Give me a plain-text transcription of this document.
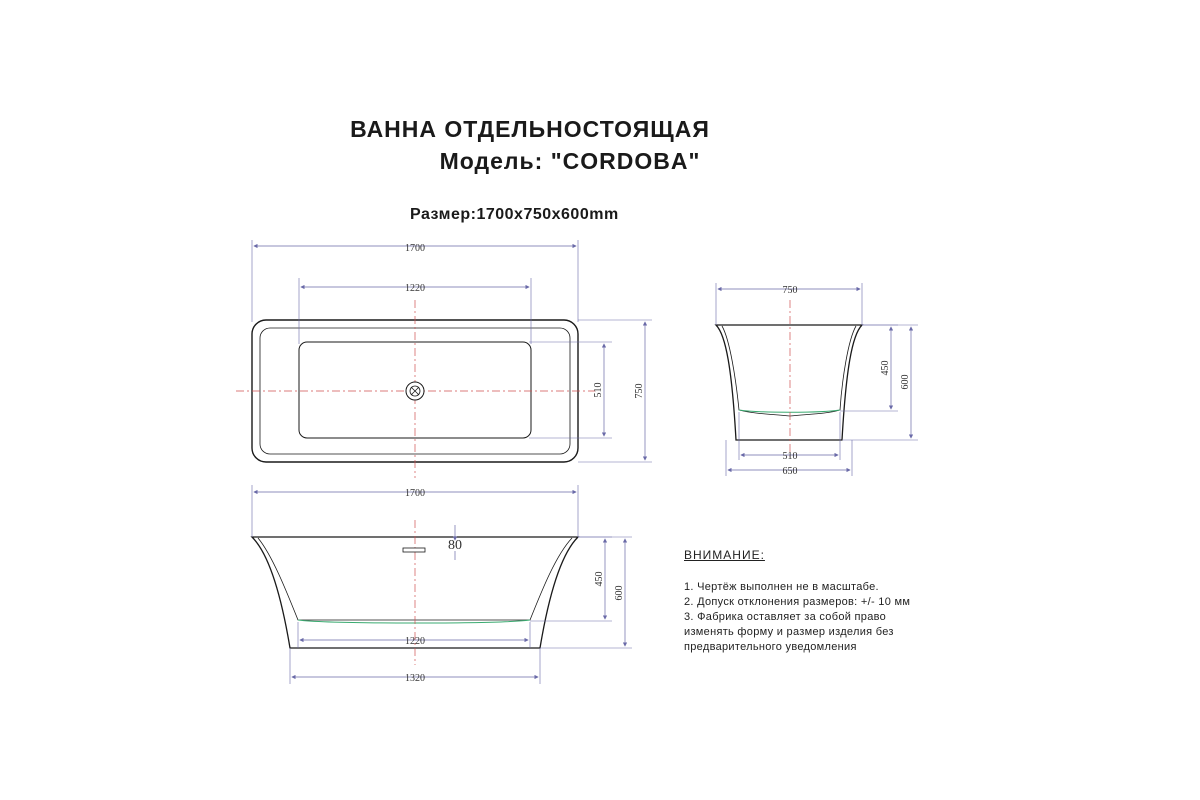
ВАННА ОТДЕЛЬНОСТОЯЩАЯ
Модель: "CORDOBA"
Размер:1700x750x600mm
1700
1220
510	750
750
450
600
510
650
80
1700
450
600
1220
1320
ВНИМАНИЕ:
1. Чертёж выполнен не в масштабе.
2. Допуск отклонения размеров: +/- 10 мм
3. Фабрика оставляет за собой право
изменять форму и размер изделия без
предварительного уведомления
